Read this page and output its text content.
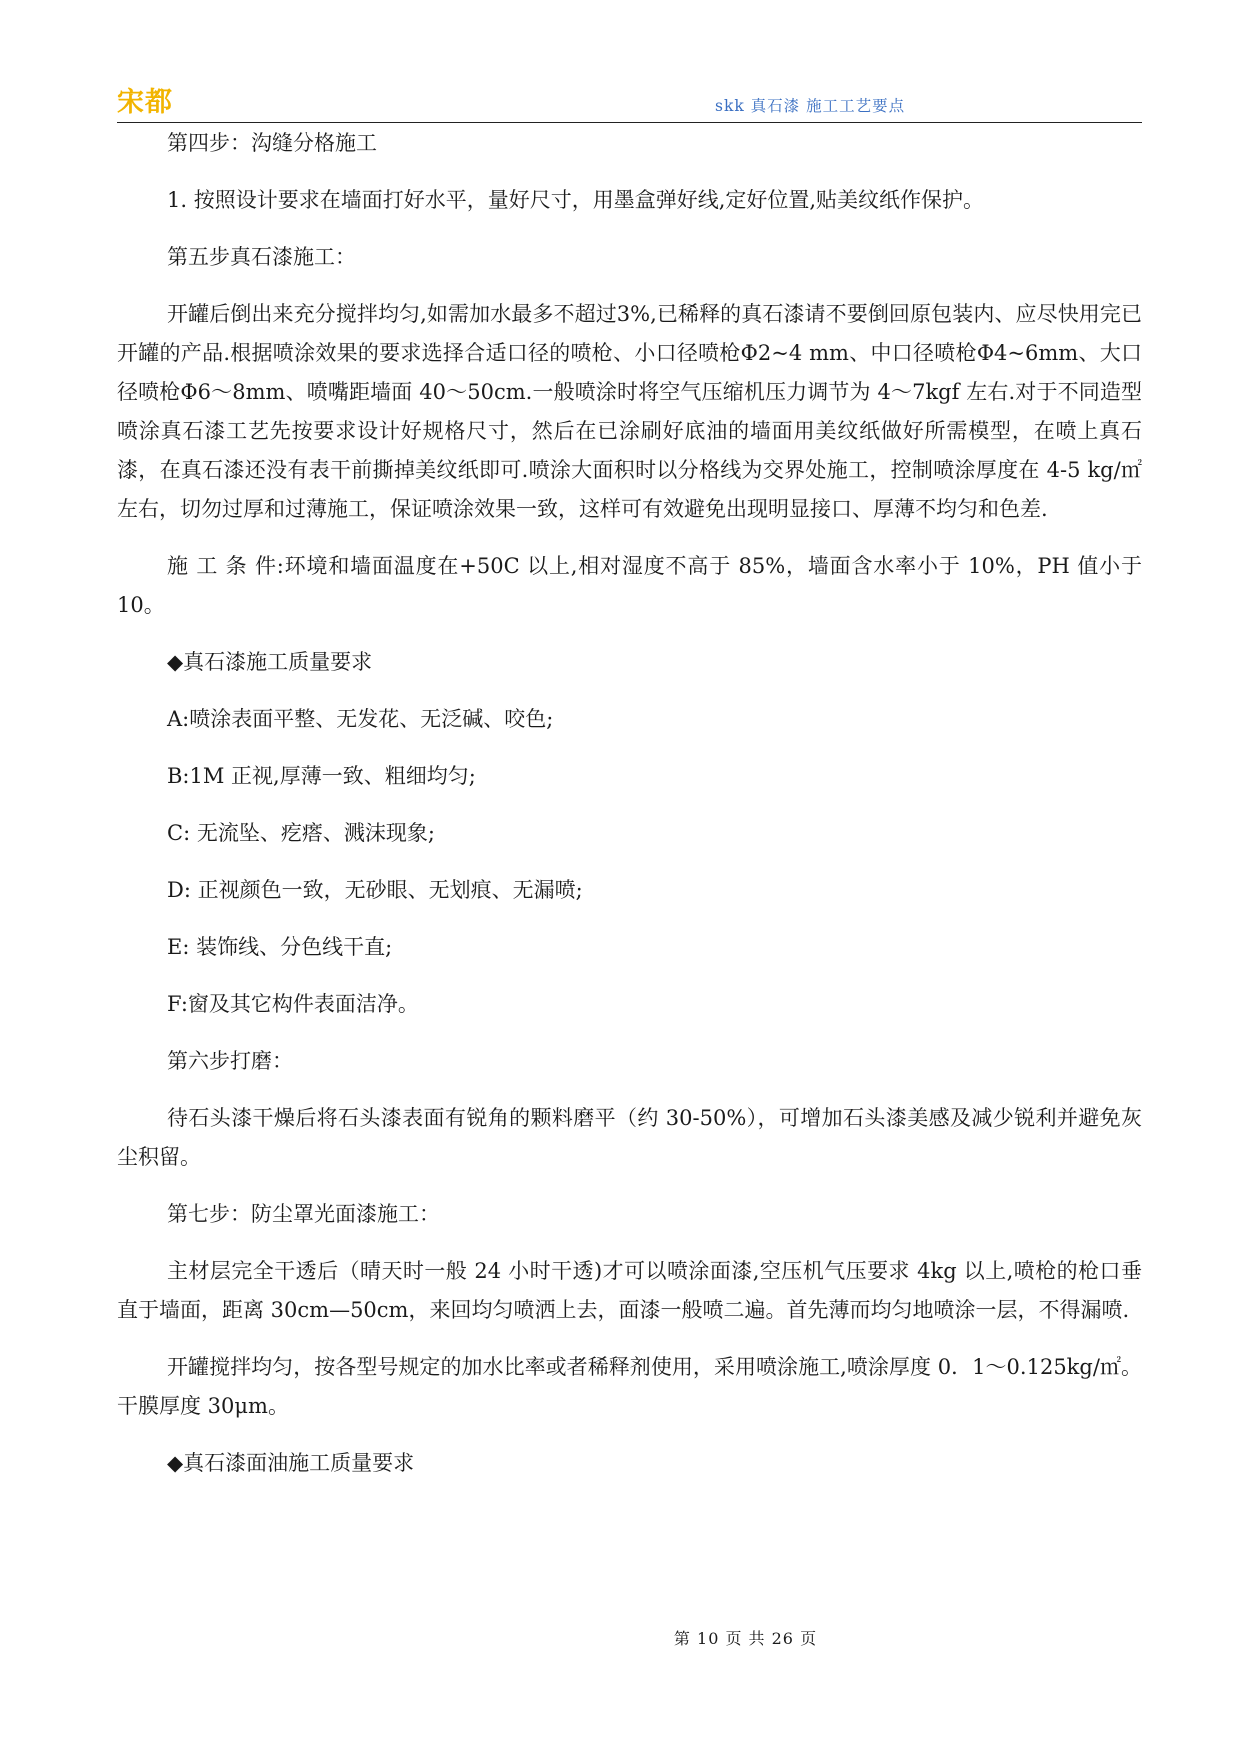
宋都	skk 真石漆 施工工艺要点

第四步：沟缝分格施工

1. 按照设计要求在墙面打好水平，量好尺寸，用墨盒弹好线,定好位置,贴美纹纸作保护。

第五步真石漆施工：

开罐后倒出来充分搅拌均匀,如需加水最多不超过3%,已稀释的真石漆请不要倒回原包装内、应尽快用完已开罐的产品.根据喷涂效果的要求选择合适口径的喷枪、小口径喷枪Φ2~4 mm、中口径喷枪Φ4~6mm、大口径喷枪Φ6～8mm、喷嘴距墙面 40～50cm.一般喷涂时将空气压缩机压力调节为 4～7kgf 左右.对于不同造型喷涂真石漆工艺先按要求设计好规格尺寸，然后在已涂刷好底油的墙面用美纹纸做好所需模型，在喷上真石漆，在真石漆还没有表干前撕掉美纹纸即可.喷涂大面积时以分格线为交界处施工，控制喷涂厚度在 4-5 kg/㎡ 左右，切勿过厚和过薄施工，保证喷涂效果一致，这样可有效避免出现明显接口、厚薄不均匀和色差.

施 工 条 件:环境和墙面温度在+50C 以上,相对湿度不高于 85%，墙面含水率小于 10%，PH 值小于 10。

◆真石漆施工质量要求

A:喷涂表面平整、无发花、无泛碱、咬色;

B:1M 正视,厚薄一致、粗细均匀;

C: 无流坠、疙瘩、溅沫现象;

D: 正视颜色一致，无砂眼、无划痕、无漏喷;

E: 装饰线、分色线干直;

F:窗及其它构件表面洁净。

第六步打磨：

待石头漆干燥后将石头漆表面有锐角的颗料磨平（约 30-50%），可增加石头漆美感及减少锐利并避免灰尘积留。

第七步：防尘罩光面漆施工：

主材层完全干透后（晴天时一般 24 小时干透)才可以喷涂面漆,空压机气压要求 4kg 以上,喷枪的枪口垂直于墙面，距离 30cm—50cm，来回均匀喷洒上去，面漆一般喷二遍。首先薄而均匀地喷涂一层，不得漏喷.

开罐搅拌均匀，按各型号规定的加水比率或者稀释剂使用，采用喷涂施工,喷涂厚度 0．1～0.125kg/㎡。干膜厚度 30μm。

◆真石漆面油施工质量要求

第 10 页 共 26 页
